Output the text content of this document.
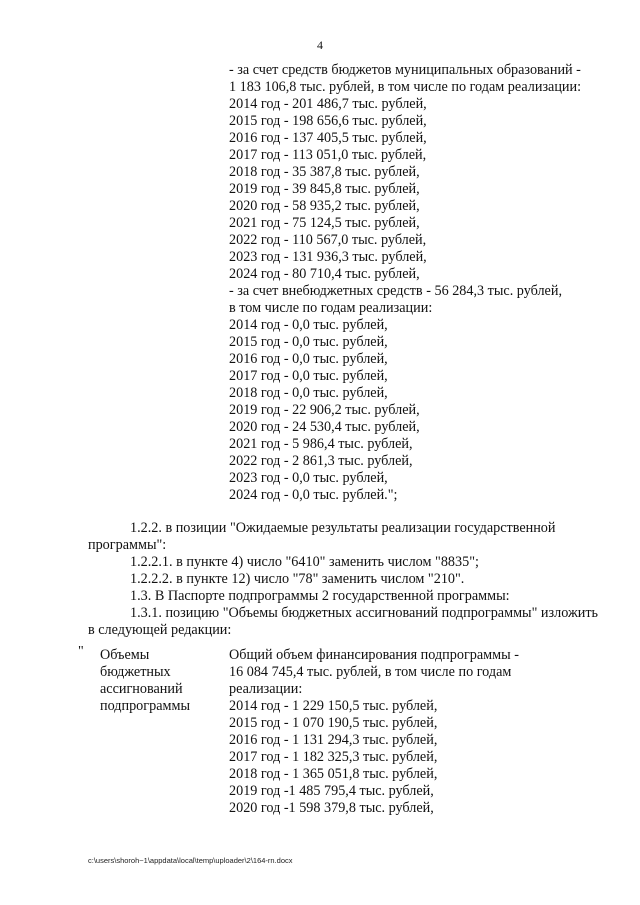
4
- за счет средств бюджетов муниципальных образований -
1 183 106,8 тыс. рублей, в том числе по годам реализации:
2014 год - 201 486,7 тыс. рублей,
2015 год - 198 656,6 тыс. рублей,
2016 год - 137 405,5 тыс. рублей,
2017 год - 113 051,0 тыс. рублей,
2018 год - 35 387,8 тыс. рублей,
2019 год - 39 845,8 тыс. рублей,
2020 год - 58 935,2 тыс. рублей,
2021 год - 75 124,5 тыс. рублей,
2022 год - 110 567,0 тыс. рублей,
2023 год - 131 936,3 тыс. рублей,
2024 год - 80 710,4 тыс. рублей,
- за счет внебюджетных средств - 56 284,3 тыс. рублей,
в том числе по годам реализации:
2014 год - 0,0 тыс. рублей,
2015 год - 0,0 тыс. рублей,
2016 год - 0,0 тыс. рублей,
2017 год - 0,0 тыс. рублей,
2018 год - 0,0 тыс. рублей,
2019 год - 22 906,2 тыс. рублей,
2020 год - 24 530,4 тыс. рублей,
2021 год - 5 986,4 тыс. рублей,
2022 год - 2 861,3 тыс. рублей,
2023 год - 0,0 тыс. рублей,
2024 год - 0,0 тыс. рублей.";
1.2.2. в позиции "Ожидаемые результаты реализации государственной
программы":
1.2.2.1. в пункте 4) число "6410" заменить числом "8835";
1.2.2.2. в пункте 12) число "78" заменить числом "210".
1.3. В Паспорте подпрограммы 2 государственной программы:
1.3.1. позицию "Объемы бюджетных ассигнований подпрограммы" изложить
в следующей редакции:
" Объемы
бюджетных
ассигнований
подпрограммы
Общий объем финансирования подпрограммы -
16 084 745,4 тыс. рублей, в том числе по годам
реализации:
2014 год - 1 229 150,5 тыс. рублей,
2015 год - 1 070 190,5 тыс. рублей,
2016 год - 1 131 294,3 тыс. рублей,
2017 год - 1 182 325,3 тыс. рублей,
2018 год - 1 365 051,8 тыс. рублей,
2019 год -1 485 795,4 тыс. рублей,
2020 год -1 598 379,8 тыс. рублей,
c:\users\shoroh~1\appdata\local\temp\uploader\2\164-rn.docx
